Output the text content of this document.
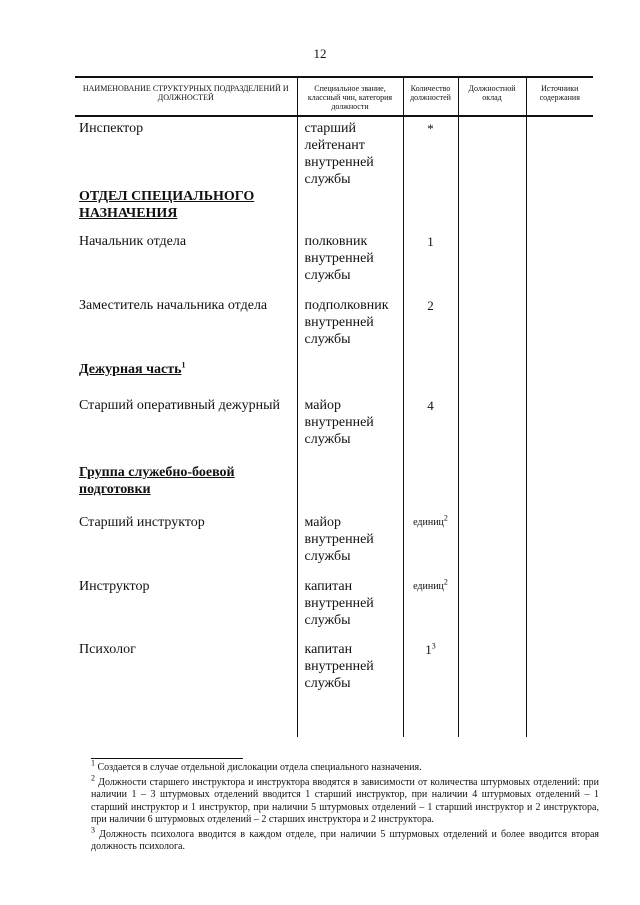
12
НАИМЕНОВАНИЕ СТРУКТУРНЫХ ПОДРАЗДЕЛЕНИЙ И ДОЛЖНОСТЕЙ	Специальное звание, классный чин, категория должности	Количество должностей	Должностной оклад	Источники содержания
Инспектор	старший лейтенант внутренней службы	*		
ОТДЕЛ СПЕЦИАЛЬНОГО НАЗНАЧЕНИЯ				
Начальник отдела	полковник внутренней службы	1		
Заместитель начальника отдела	подполковник внутренней службы	2		
Дежурная часть$^1$				
Старший оперативный дежурный	майор внутренней службы	4		
Группа служебно-боевой подготовки				
Старший инструктор	майор внутренней службы	единиц$^2$		
Инструктор	капитан внутренней службы	единиц$^2$		
Психолог	капитан внутренней службы	$1^3$		

$^1$ Создается в случае отдельной дислокации отдела специального назначения.

$^2$ Должности старшего инструктора и инструктора вводятся в зависимости от количества штурмовых отделений: при наличии 1 – 3 штурмовых отделений вводится 1 старший инструктор, при наличии 4 штурмовых отделений – 1 старший инструктор и 1 инструктор, при наличии 5 штурмовых отделений – 1 старший инструктор и 2 инструктора, при наличии 6 штурмовых отделений – 2 старших инструктора и 2 инструктора.

$^3$ Должность психолога вводится в каждом отделе, при наличии 5 штурмовых отделений и более вводится вторая должность психолога.
